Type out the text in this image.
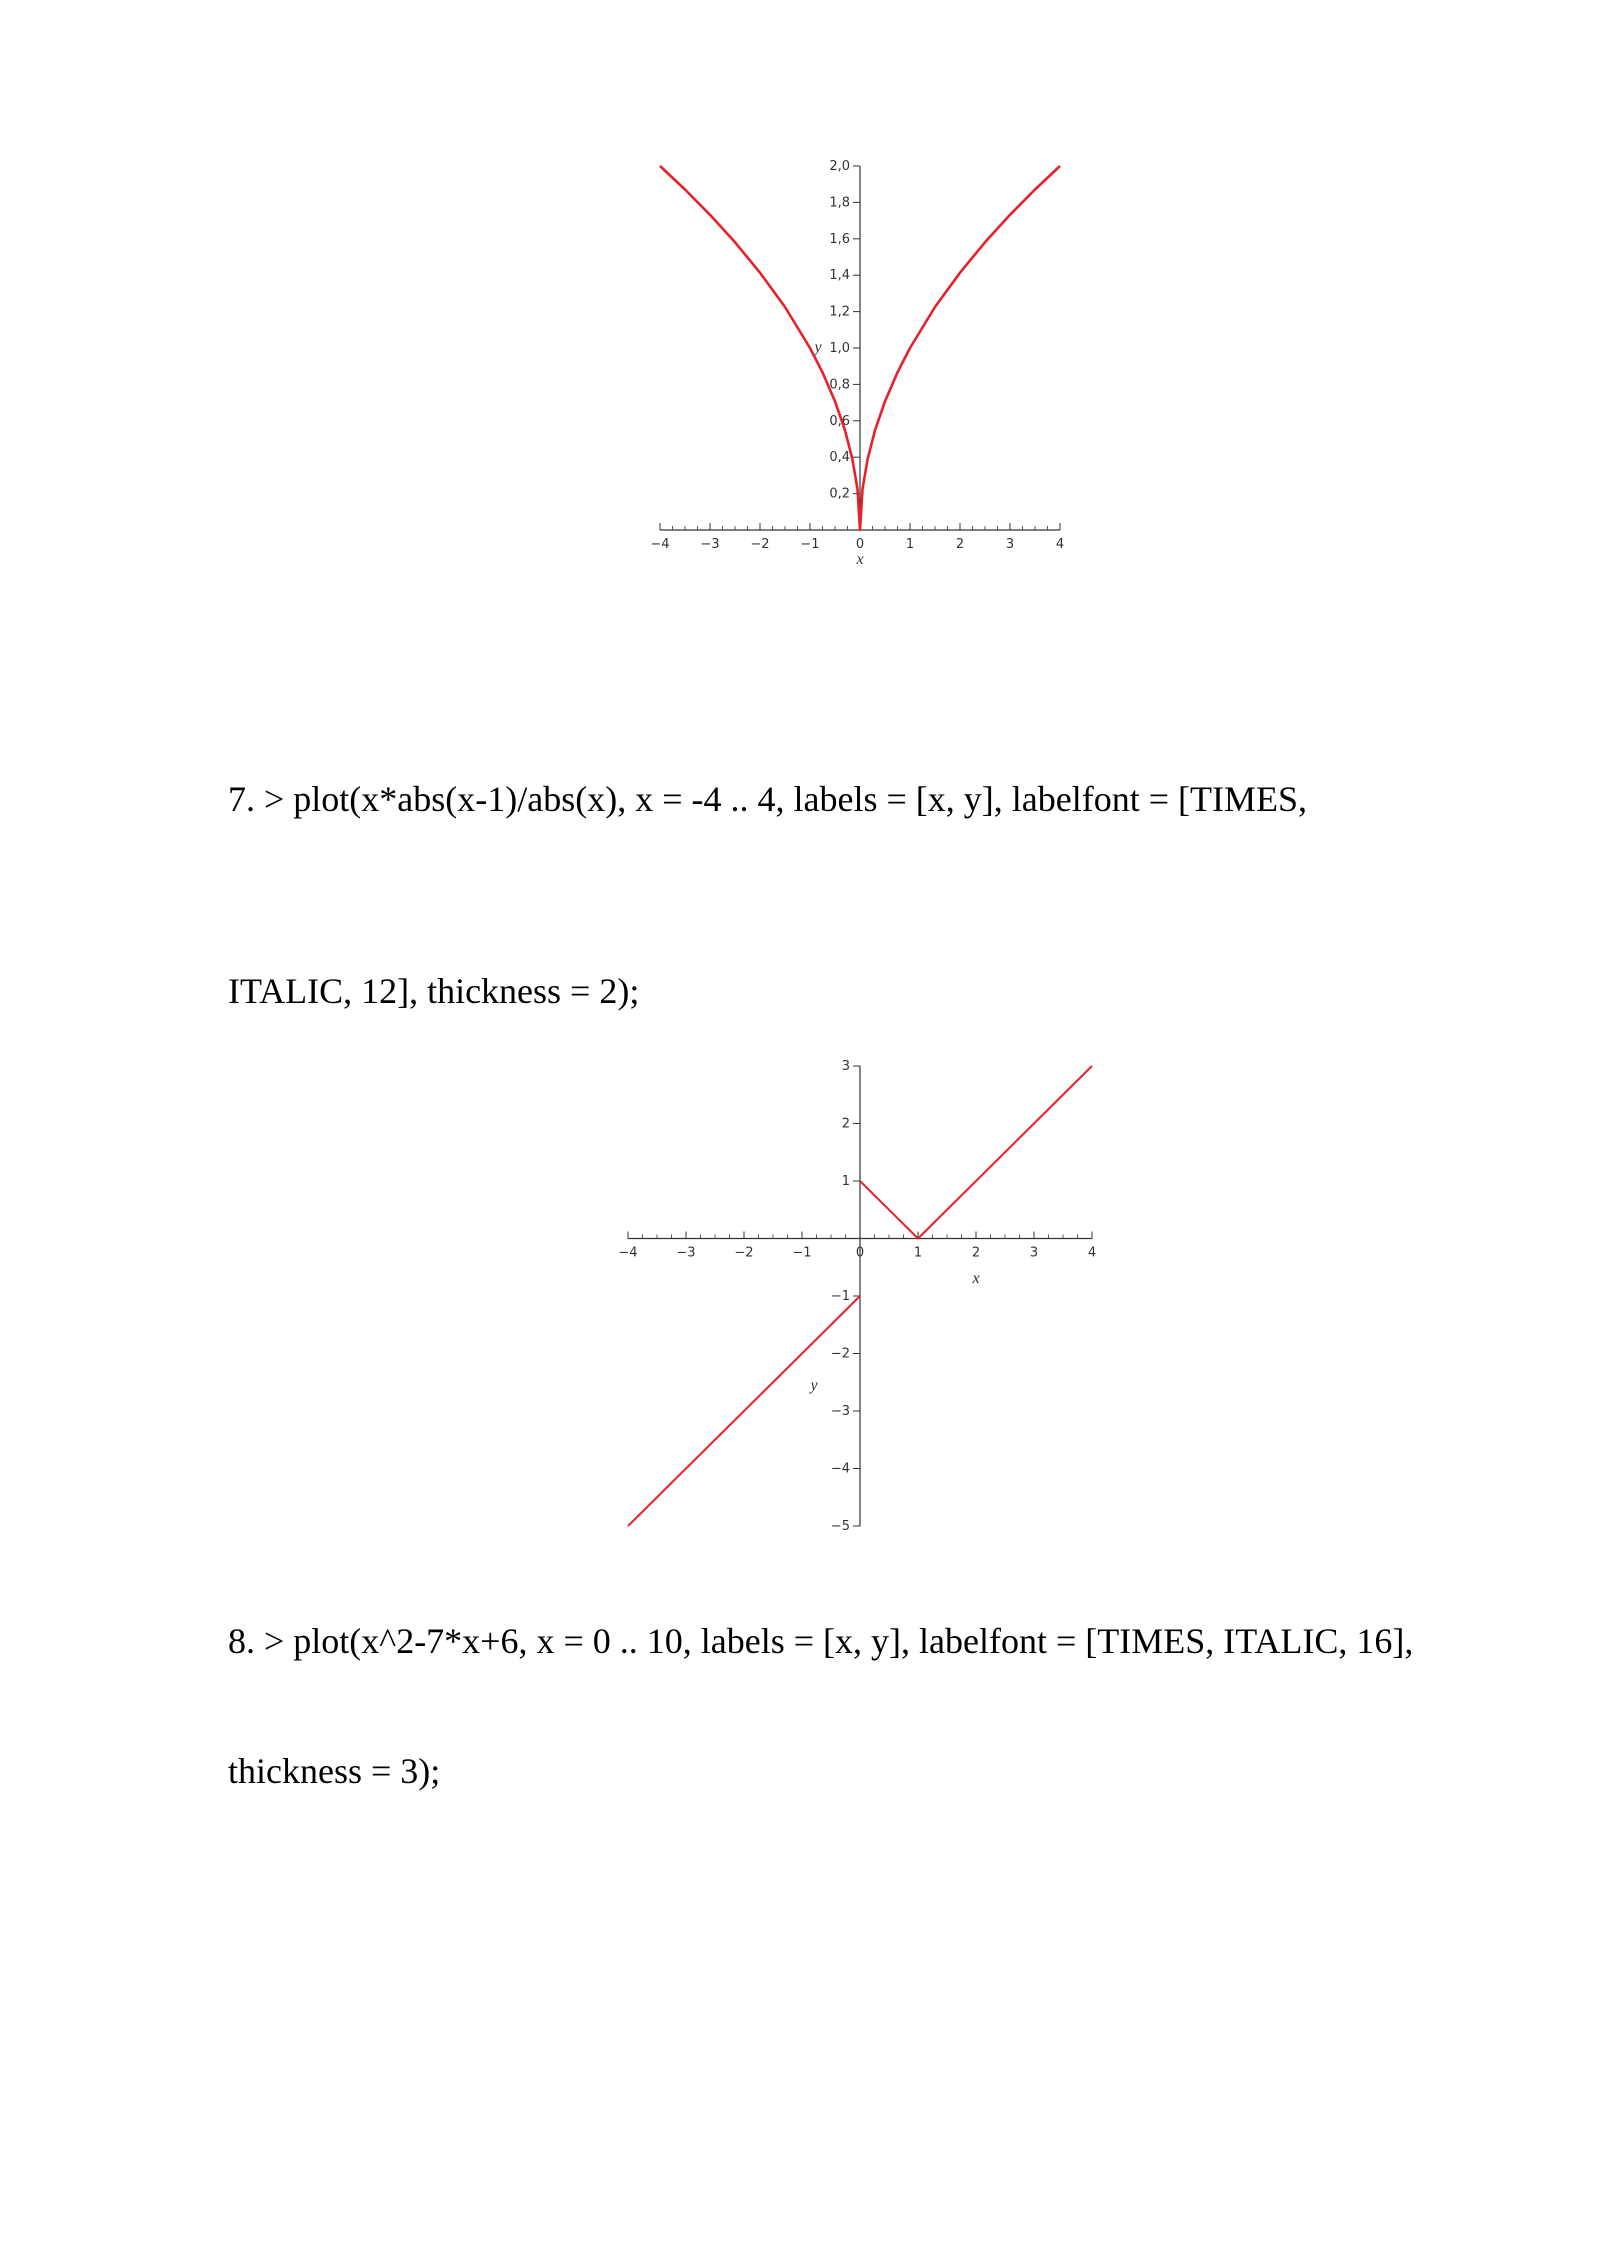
−4 −3 −2 −1	0	1	2	3	4
0,2
0,4
0,6
0,8
1,0
1,2
1,4
1,6
1,8
2,0
x
y
7. > plot(x*abs(x-1)/abs(x), x = -4 .. 4, labels = [x, y], labelfont = [TIMES,
ITALIC, 12], thickness = 2);
−4	−3	−2	−1	0	1	2	3	4
−5
−4
−3
−2
−1
1
2
3
x
y
8. > plot(x^2-7*x+6, x = 0 .. 10, labels = [x, y], labelfont = [TIMES, ITALIC, 16],
thickness = 3);
